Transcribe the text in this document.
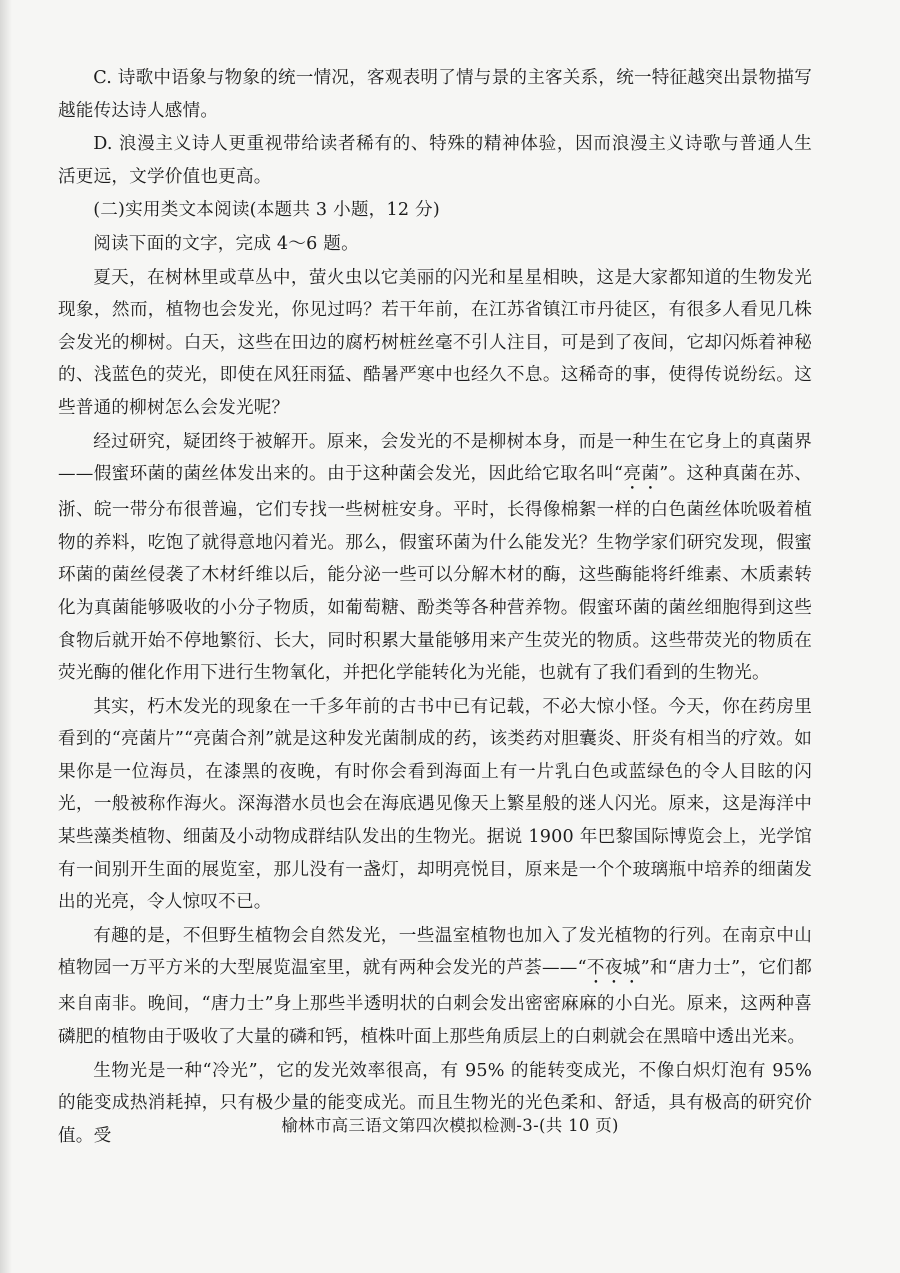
C. 诗歌中语象与物象的统一情况，客观表明了情与景的主客关系，统一特征越突出景物描写越能传达诗人感情。

D. 浪漫主义诗人更重视带给读者稀有的、特殊的精神体验，因而浪漫主义诗歌与普通人生活更远，文学价值也更高。

(二)实用类文本阅读(本题共 3 小题，12 分)

阅读下面的文字，完成 4～6 题。

夏天，在树林里或草丛中，萤火虫以它美丽的闪光和星星相映，这是大家都知道的生物发光现象，然而，植物也会发光，你见过吗？若干年前，在江苏省镇江市丹徒区，有很多人看见几株会发光的柳树。白天，这些在田边的腐朽树桩丝毫不引人注目，可是到了夜间，它却闪烁着神秘的、浅蓝色的荧光，即使在风狂雨猛、酷暑严寒中也经久不息。这稀奇的事，使得传说纷纭。这些普通的柳树怎么会发光呢？

经过研究，疑团终于被解开。原来，会发光的不是柳树本身，而是一种生在它身上的真菌界——假蜜环菌的菌丝体发出来的。由于这种菌会发光，因此给它取名叫“亮菌”。这种真菌在苏、浙、皖一带分布很普遍，它们专找一些树桩安身。平时，长得像棉絮一样的白色菌丝体吮吸着植物的养料，吃饱了就得意地闪着光。那么，假蜜环菌为什么能发光？生物学家们研究发现，假蜜环菌的菌丝侵袭了木材纤维以后，能分泌一些可以分解木材的酶，这些酶能将纤维素、木质素转化为真菌能够吸收的小分子物质，如葡萄糖、酚类等各种营养物。假蜜环菌的菌丝细胞得到这些食物后就开始不停地繁衍、长大，同时积累大量能够用来产生荧光的物质。这些带荧光的物质在荧光酶的催化作用下进行生物氧化，并把化学能转化为光能，也就有了我们看到的生物光。

其实，朽木发光的现象在一千多年前的古书中已有记载，不必大惊小怪。今天，你在药房里看到的“亮菌片”“亮菌合剂”就是这种发光菌制成的药，该类药对胆囊炎、肝炎有相当的疗效。如果你是一位海员，在漆黑的夜晚，有时你会看到海面上有一片乳白色或蓝绿色的令人目眩的闪光，一般被称作海火。深海潜水员也会在海底遇见像天上繁星般的迷人闪光。原来，这是海洋中某些藻类植物、细菌及小动物成群结队发出的生物光。据说 1900 年巴黎国际博览会上，光学馆有一间别开生面的展览室，那儿没有一盏灯，却明亮悦目，原来是一个个玻璃瓶中培养的细菌发出的光亮，令人惊叹不已。

有趣的是，不但野生植物会自然发光，一些温室植物也加入了发光植物的行列。在南京中山植物园一万平方米的大型展览温室里，就有两种会发光的芦荟——“不夜城”和“唐力士”，它们都来自南非。晚间，“唐力士”身上那些半透明状的白刺会发出密密麻麻的小白光。原来，这两种喜磷肥的植物由于吸收了大量的磷和钙，植株叶面上那些角质层上的白刺就会在黑暗中透出光来。

生物光是一种“冷光”，它的发光效率很高，有 95% 的能转变成光，不像白炽灯泡有 95% 的能变成热消耗掉，只有极少量的能变成光。而且生物光的光色柔和、舒适，具有极高的研究价值。受

榆林市高三语文第四次模拟检测-3-(共 10 页)
